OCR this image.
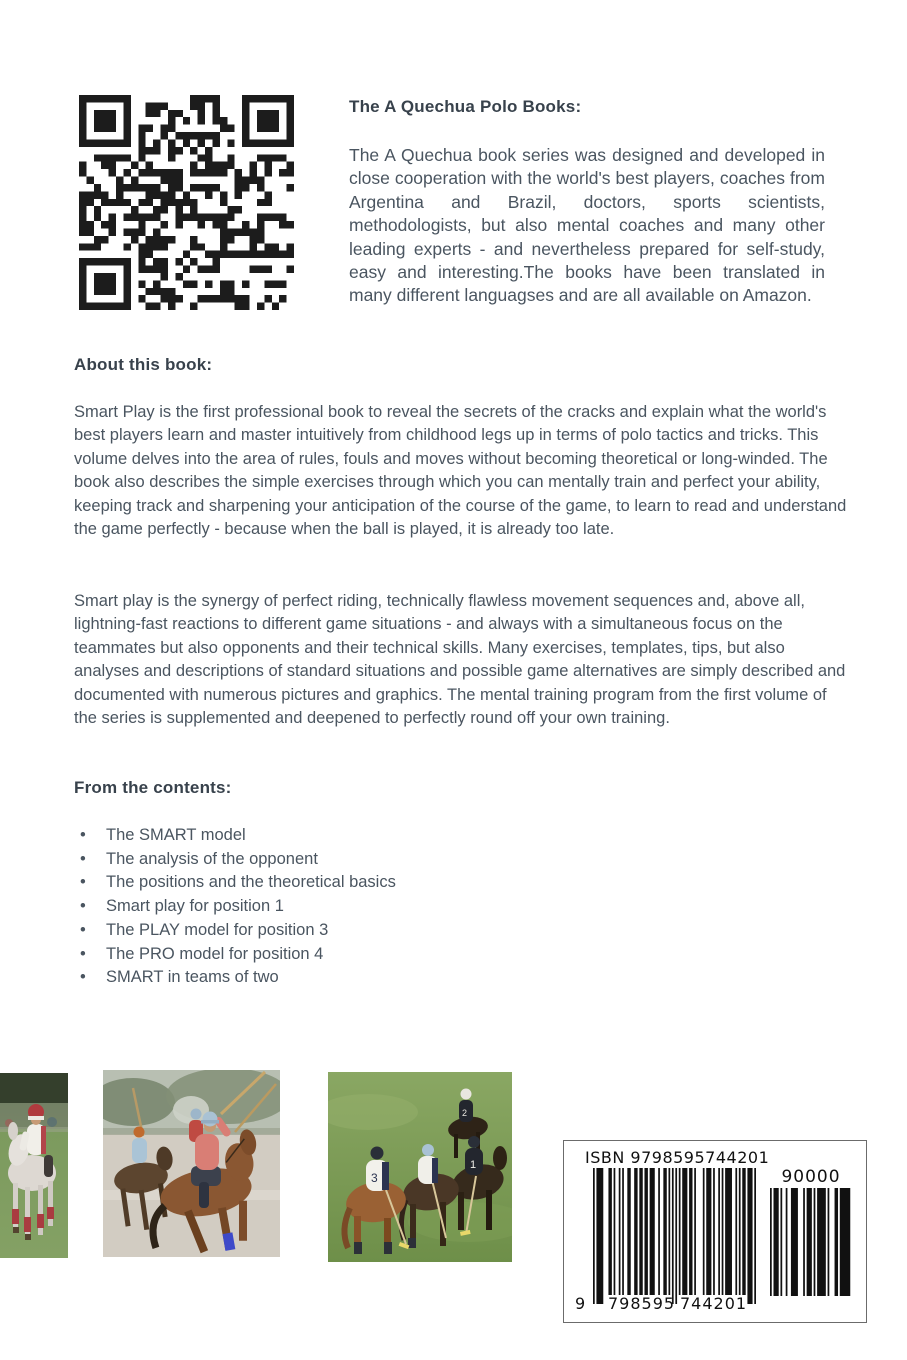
The A Quechua Polo Books:
The A Quechua book series was designed and developed in close cooperation with the world's best players, coaches from Argentina and Brazil, doctors, sports scientists, methodologists, but also mental coaches and many other leading experts - and nevertheless prepared for self-study, easy and interesting.The books have been translated in many different languagses and are all available on Amazon.
About this book:
Smart Play is the first professional book to reveal the secrets of the cracks and explain what the world's best players learn and master intuitively from childhood legs up in terms of polo tactics and tricks. This volume delves into the area of rules, fouls and moves without becoming theoretical or long-winded. The book also describes the simple exercises through which you can mentally train and perfect your ability, keeping track and sharpening your anticipation of the course of the game, to learn to read and understand the game perfectly - because when the ball is played, it is already too late.
Smart play is the synergy of perfect riding, technically flawless movement sequences and, above all, lightning-fast reactions to different game situations - and always with a simultaneous focus on the teammates but also opponents and their technical skills. Many exercises, templates, tips, but also analyses and descriptions of standard situations and possible game alternatives are simply described and documented with numerous pictures and graphics. The mental training program from the first volume of the series is supplemented and deepened to perfectly round off your own training.
From the contents:
• The SMART model
• The analysis of the opponent
• The positions and the theoretical basics
• Smart play for position 1
• The PLAY model for position 3
• The PRO model for position 4
• SMART in teams of two
2
1
3
ISBN 9798595744201
9 798595 744201
90000
